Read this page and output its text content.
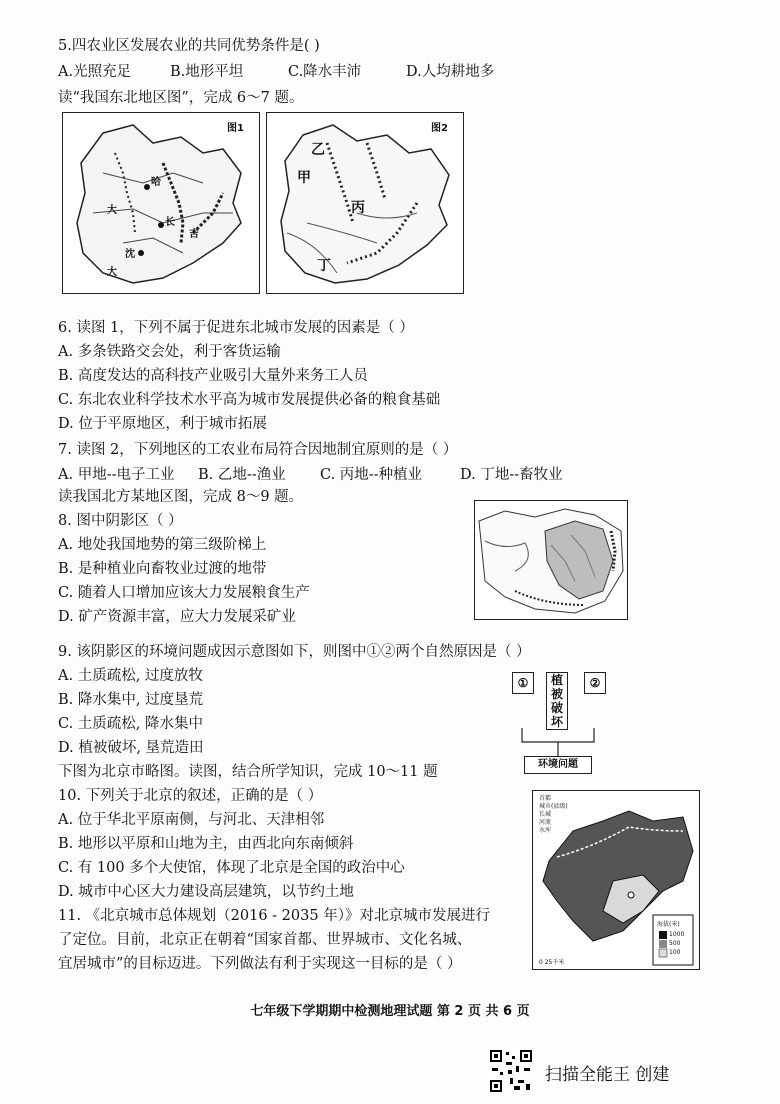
5.四农业区发展农业的共同优势条件是( )
A.光照充足	B.地形平坦	C.降水丰沛	D.人均耕地多
读“我国东北地区图”，完成 6～7 题。
图1
哈
大
长
沈
吉
大
图2
乙
甲
丙
丁
6. 读图 1，下列不属于促进东北城市发展的因素是（ ）
A. 多条铁路交会处，利于客货运输
B. 高度发达的高科技产业吸引大量外来务工人员
C. 东北农业科学技术水平高为城市发展提供必备的粮食基础
D. 位于平原地区，利于城市拓展
7. 读图 2，下列地区的工农业布局符合因地制宜原则的是（ ）
A. 甲地--电子工业 B. 乙地--渔业 C. 丙地--种植业	D. 丁地--畜牧业
读我国北方某地区图，完成 8～9 题。
8. 图中阴影区（ ）
A. 地处我国地势的第三级阶梯上
B. 是种植业向畜牧业过渡的地带
C. 随着人口增加应该大力发展粮食生产
D. 矿产资源丰富，应大力发展采矿业
9. 该阴影区的环境问题成因示意图如下，则图中①②两个自然原因是（ ）
A. 土质疏松, 过度放牧
B. 降水集中, 过度垦荒
C. 土质疏松, 降水集中
D. 植被破坏, 垦荒造田
①	植被破坏
②
环境问题
下图为北京市略图。读图，结合所学知识，完成 10～11 题
10. 下列关于北京的叙述，正确的是（ ）
A. 位于华北平原南侧，与河北、天津相邻
B. 地形以平原和山地为主，由西北向东南倾斜
C. 有 100 多个大使馆，体现了北京是全国的政治中心
D. 城市中心区大力建设高层建筑，以节约土地
11. 《北京城市总体规划（2016 - 2035 年）》对北京城市发展进行
了定位。目前，北京正在朝着“国家首都、世界城市、文化名城、
宜居城市”的目标迈进。下列做法有利于实现这一目标的是（ ）
首都
城市(县级)
长城
河流
水库
海拔(米)
1000
500
100
0 25千米
七年级下学期期中检测地理试题 第 2 页 共 6 页
扫描全能王 创建
